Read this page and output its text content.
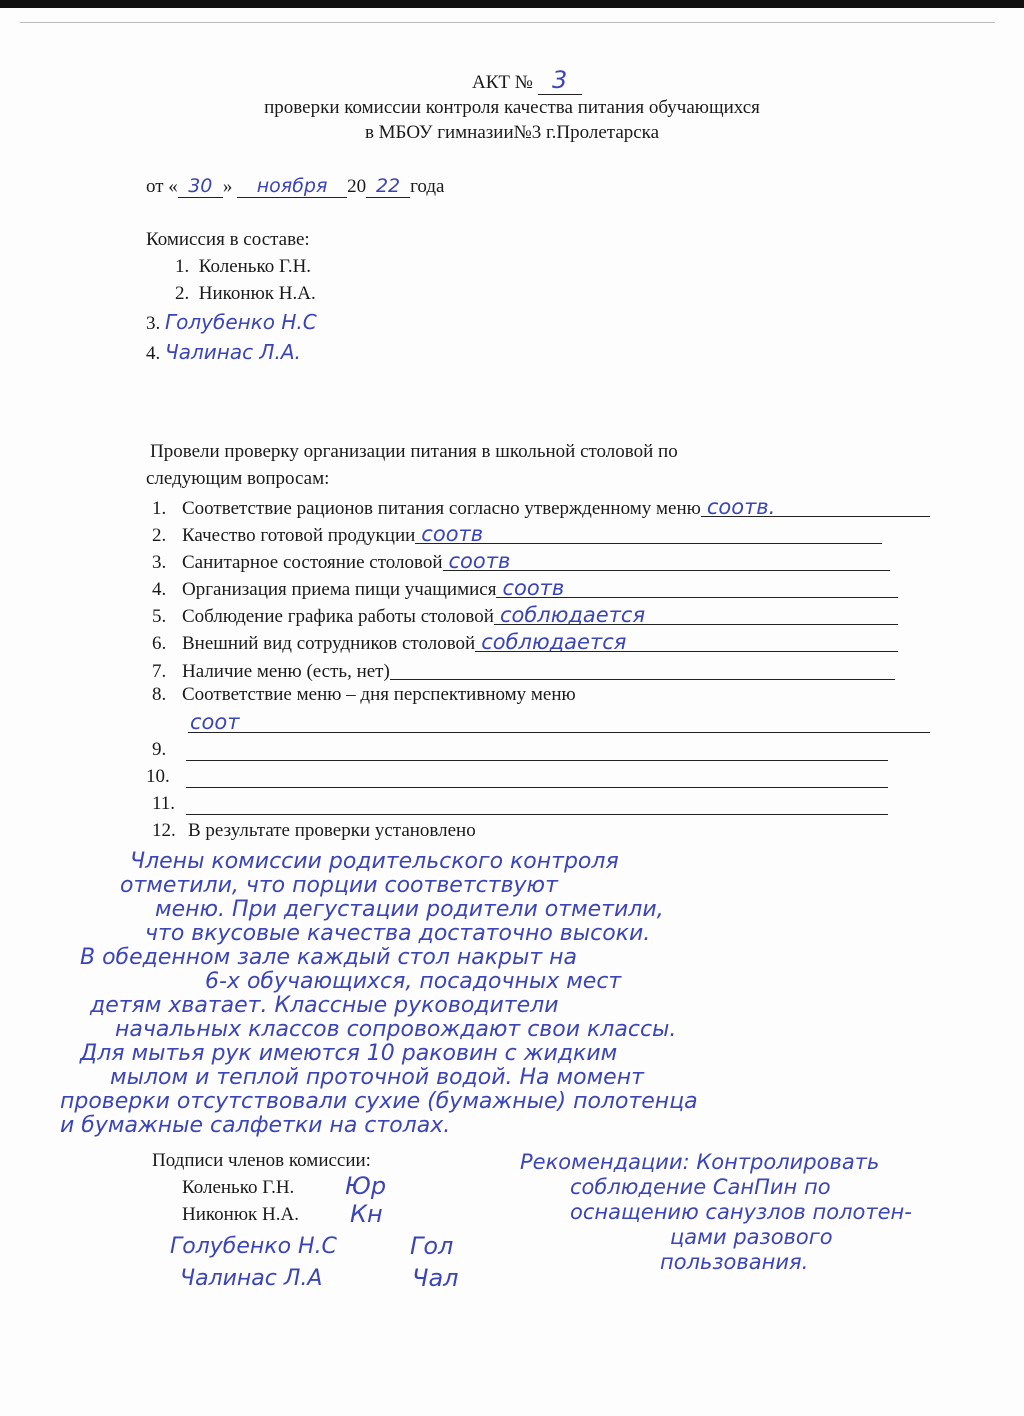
АКТ № 3
проверки комиссии контроля качества питания обучающихся
в МБОУ гимназии№3 г.Пролетарска
от « 30 » ноября 20 22 года
Комиссия в составе:
1. Коленько Г.Н.
2. Никонюк Н.А.
3. Голубенко Н.С
4. Чалинас Л.А.
Провели проверку организации питания в школьной столовой по
следующим вопросам:
1. Соответствие рационов питания согласно утвержденному меню соотв.
2. Качество готовой продукции соотв
3. Санитарное состояние столовой соотв
4. Организация приема пищи учащимися соотв
5. Соблюдение графика работы столовой соблюдается
6. Внешний вид сотрудников столовой соблюдается
7. Наличие меню (есть, нет)
8. Соответствие меню – дня перспективному меню
9.
10.
11.
12. В результате проверки установлено
соот
Члены комиссии родительского контроля
отметили, что порции соответствуют
меню. При дегустации родители отметили,
что вкусовые качества достаточно высоки.
В обеденном зале каждый стол накрыт на
6-х обучающихся, посадочных мест
детям хватает. Классные руководители
начальных классов сопровождают свои классы.
Для мытья рук имеются 10 раковин с жидким
мылом и теплой проточной водой. На момент
проверки отсутствовали сухие (бумажные) полотенца
и бумажные салфетки на столах.
Подписи членов комиссии:
Коленько Г.Н.
Никонюк Н.А.
Юр
Кн
Голубенко Н.С	Гол
Чалинас Л.А	Чал
Рекомендации: Контролировать
соблюдение СанПин по
оснащению санузлов полотен-
цами разового
пользования.
